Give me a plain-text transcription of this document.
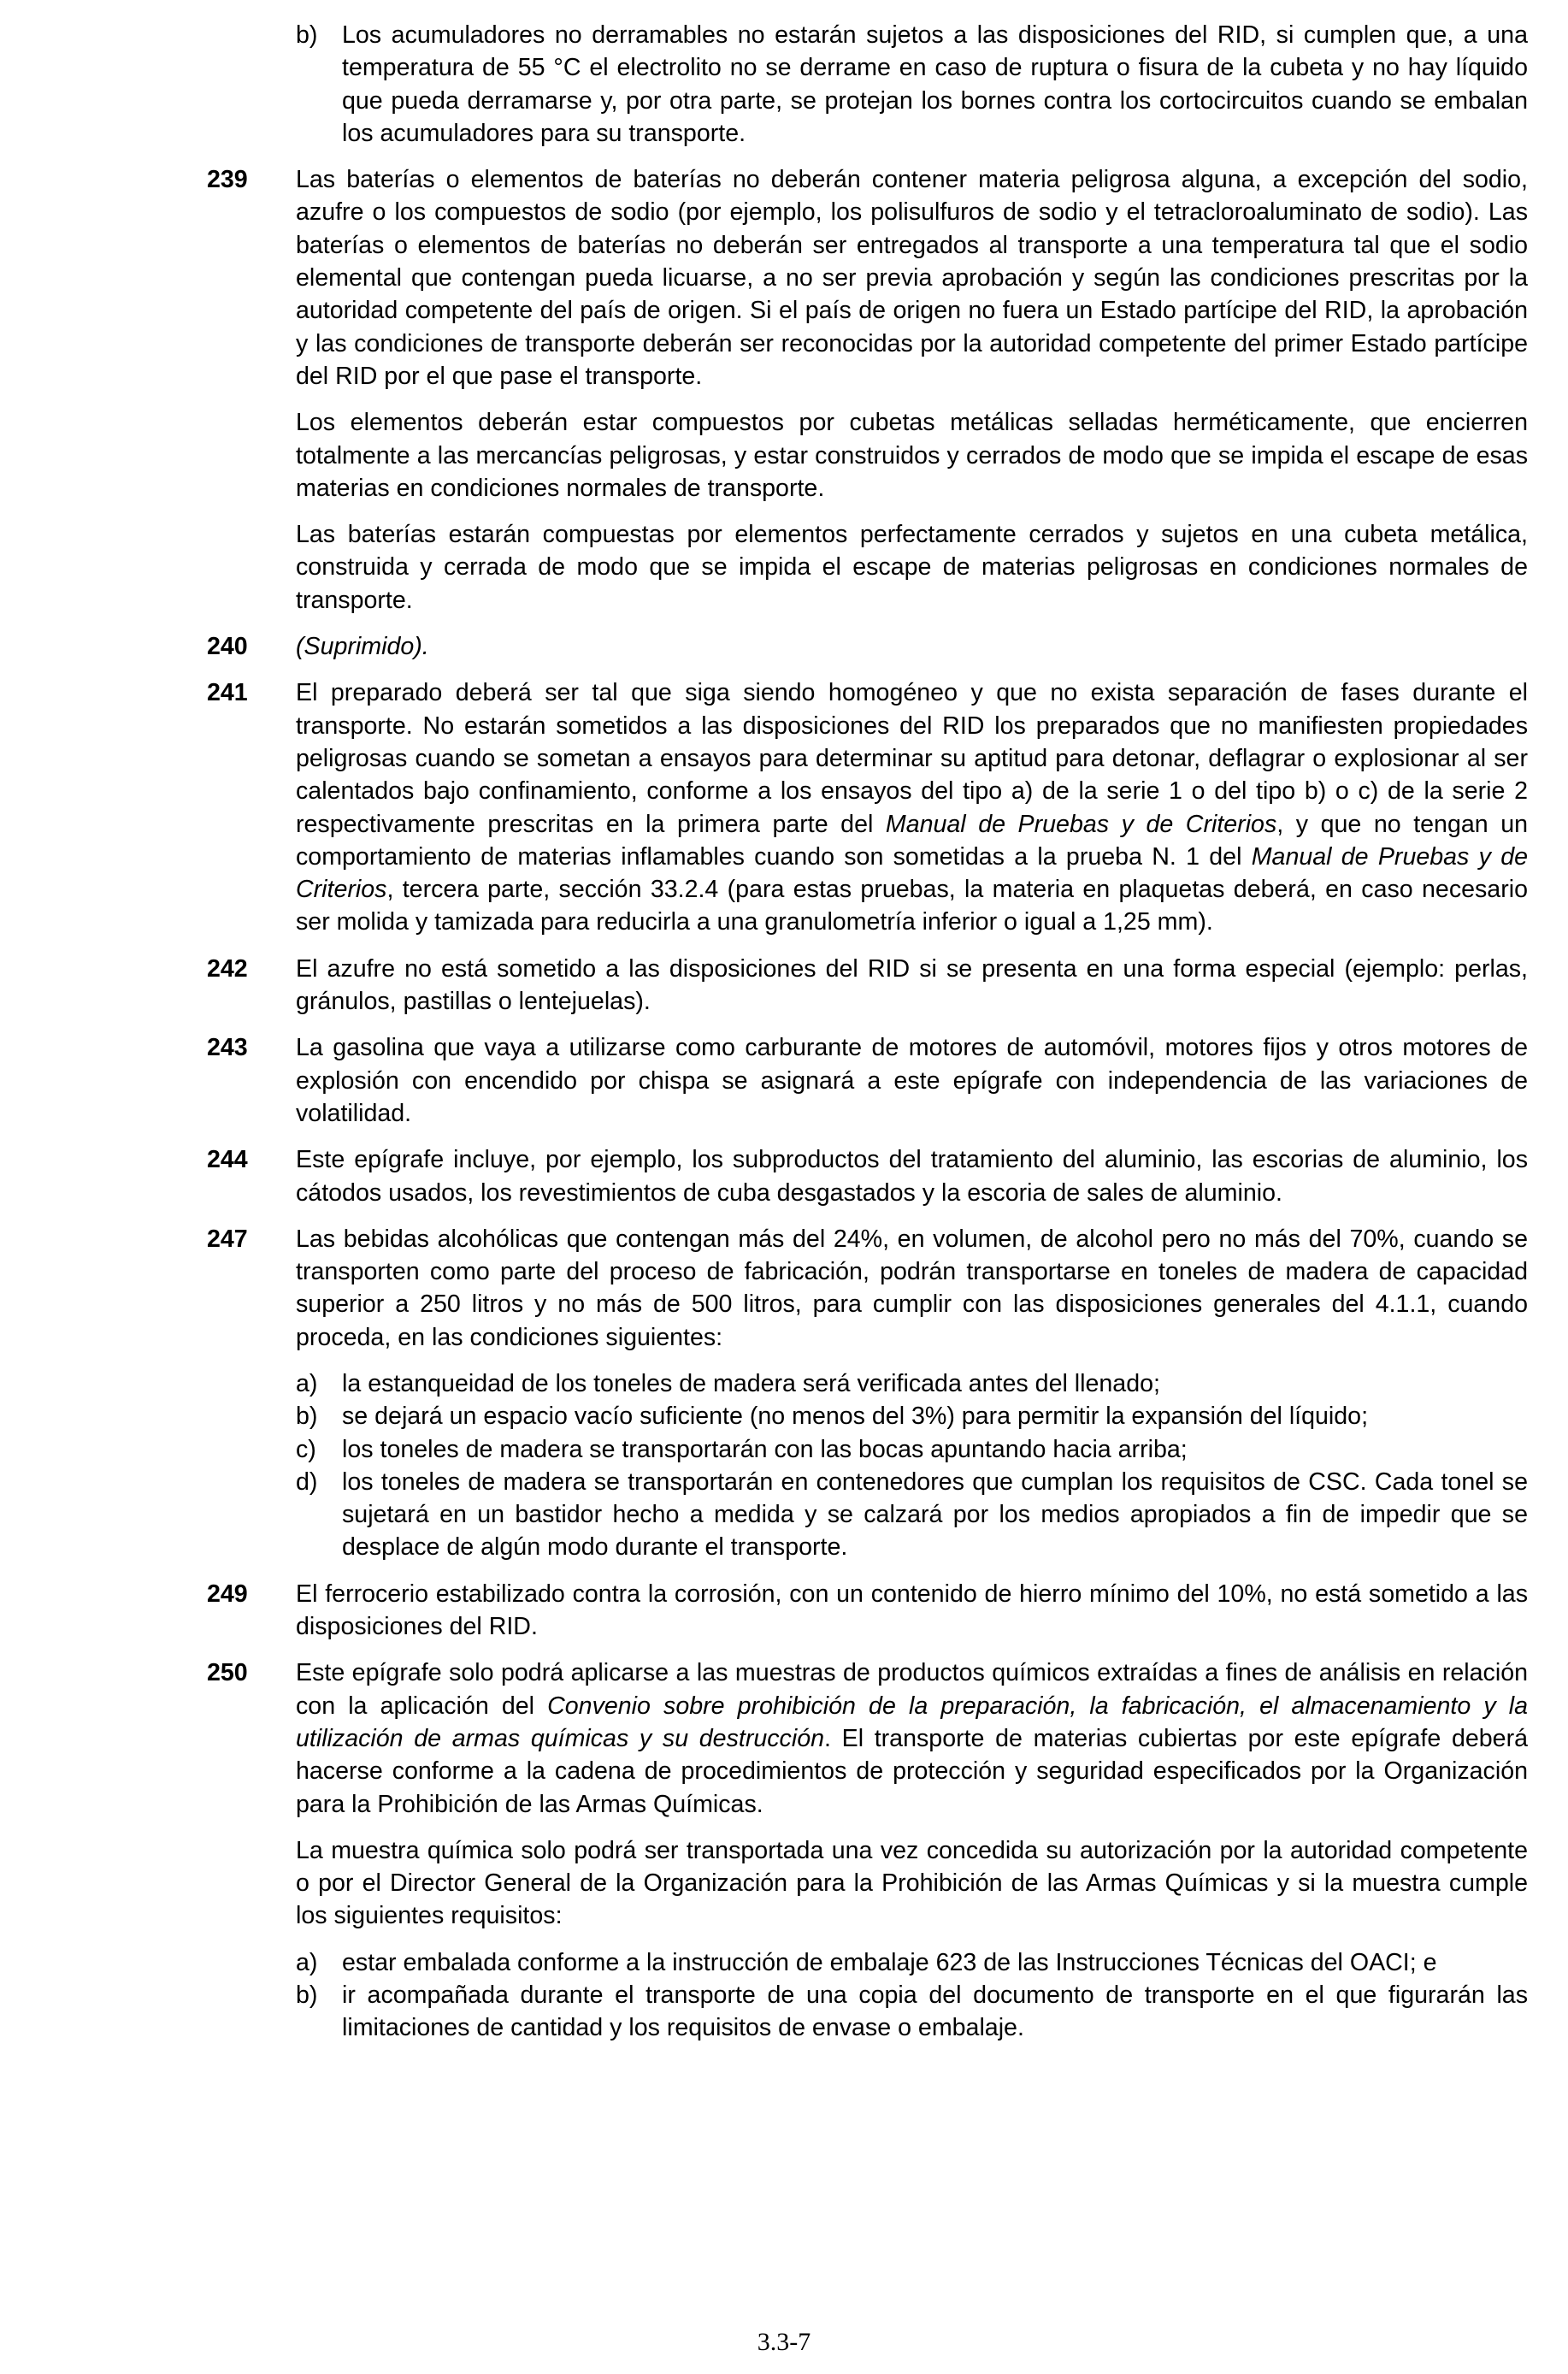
b) Los acumuladores no derramables no estarán sujetos a las disposiciones del RID, si cumplen que, a una temperatura de 55 °C el electrolito no se derrame en caso de ruptura o fisura de la cubeta y no hay líquido que pueda derramarse y, por otra parte, se protejan los bornes contra los cortocircuitos cuando se embalan los acumuladores para su transporte.
239	Las baterías o elementos de baterías no deberán contener materia peligrosa alguna, a excepción del sodio, azufre o los compuestos de sodio (por ejemplo, los polisulfuros de sodio y el tetracloroaluminato de sodio). Las baterías o elementos de baterías no deberán ser entregados al transporte a una temperatura tal que el sodio elemental que contengan pueda licuarse, a no ser previa aprobación y según las condiciones prescritas por la autoridad competente del país de origen. Si el país de origen no fuera un Estado partícipe del RID, la aprobación y las condiciones de transporte deberán ser reconocidas por la autoridad competente del primer Estado partícipe del RID por el que pase el transporte.

Los elementos deberán estar compuestos por cubetas metálicas selladas herméticamente, que encierren totalmente a las mercancías peligrosas, y estar construidos y cerrados de modo que se impida el escape de esas materias en condiciones normales de transporte.

Las baterías estarán compuestas por elementos perfectamente cerrados y sujetos en una cubeta metálica, construida y cerrada de modo que se impida el escape de materias peligrosas en condiciones normales de transporte.

240	(Suprimido).

241	El preparado deberá ser tal que siga siendo homogéneo y que no exista separación de fases durante el transporte. No estarán sometidos a las disposiciones del RID los preparados que no manifiesten propiedades peligrosas cuando se sometan a ensayos para determinar su aptitud para detonar, deflagrar o explosionar al ser calentados bajo confinamiento, conforme a los ensayos del tipo a) de la serie 1 o del tipo b) o c) de la serie 2 respectivamente prescritas en la primera parte del Manual de Pruebas y de Criterios, y que no tengan un comportamiento de materias inflamables cuando son sometidas a la prueba N. 1 del Manual de Pruebas y de Criterios, tercera parte, sección 33.2.4 (para estas pruebas, la materia en plaquetas deberá, en caso necesario ser molida y tamizada para reducirla a una granulometría inferior o igual a 1,25 mm).

242	El azufre no está sometido a las disposiciones del RID si se presenta en una forma especial (ejemplo: perlas, gránulos, pastillas o lentejuelas).

243	La gasolina que vaya a utilizarse como carburante de motores de automóvil, motores fijos y otros motores de explosión con encendido por chispa se asignará a este epígrafe con independencia de las variaciones de volatilidad.

244	Este epígrafe incluye, por ejemplo, los subproductos del tratamiento del aluminio, las escorias de aluminio, los cátodos usados, los revestimientos de cuba desgastados y la escoria de sales de aluminio.

247	Las bebidas alcohólicas que contengan más del 24%, en volumen, de alcohol pero no más del 70%, cuando se transporten como parte del proceso de fabricación, podrán transportarse en toneles de madera de capacidad superior a 250 litros y no más de 500 litros, para cumplir con las disposiciones generales del 4.1.1, cuando proceda, en las condiciones siguientes:

a) la estanqueidad de los toneles de madera será verificada antes del llenado;
b) se dejará un espacio vacío suficiente (no menos del 3%) para permitir la expansión del líquido;
c)	los toneles de madera se transportarán con las bocas apuntando hacia arriba;
d) los toneles de madera se transportarán en contenedores que cumplan los requisitos de CSC. Cada tonel se sujetará en un bastidor hecho a medida y se calzará por los medios apropiados a fin de impedir que se desplace de algún modo durante el transporte.
249	El ferrocerio estabilizado contra la corrosión, con un contenido de hierro mínimo del 10%, no está sometido a las disposiciones del RID.

250	Este epígrafe solo podrá aplicarse a las muestras de productos químicos extraídas a fines de análisis en relación con la aplicación del Convenio sobre prohibición de la preparación, la fabricación, el almacenamiento y la utilización de armas químicas y su destrucción. El transporte de materias cubiertas por este epígrafe deberá hacerse conforme a la cadena de procedimientos de protección y seguridad especificados por la Organización para la Prohibición de las Armas Químicas.

La muestra química solo podrá ser transportada una vez concedida su autorización por la autoridad competente o por el Director General de la Organización para la Prohibición de las Armas Químicas y si la muestra cumple los siguientes requisitos:

a) estar embalada conforme a la instrucción de embalaje 623 de las Instrucciones Técnicas del OACI; e
b) ir acompañada durante el transporte de una copia del documento de transporte en el que figurarán las limitaciones de cantidad y los requisitos de envase o embalaje.
3.3-7
